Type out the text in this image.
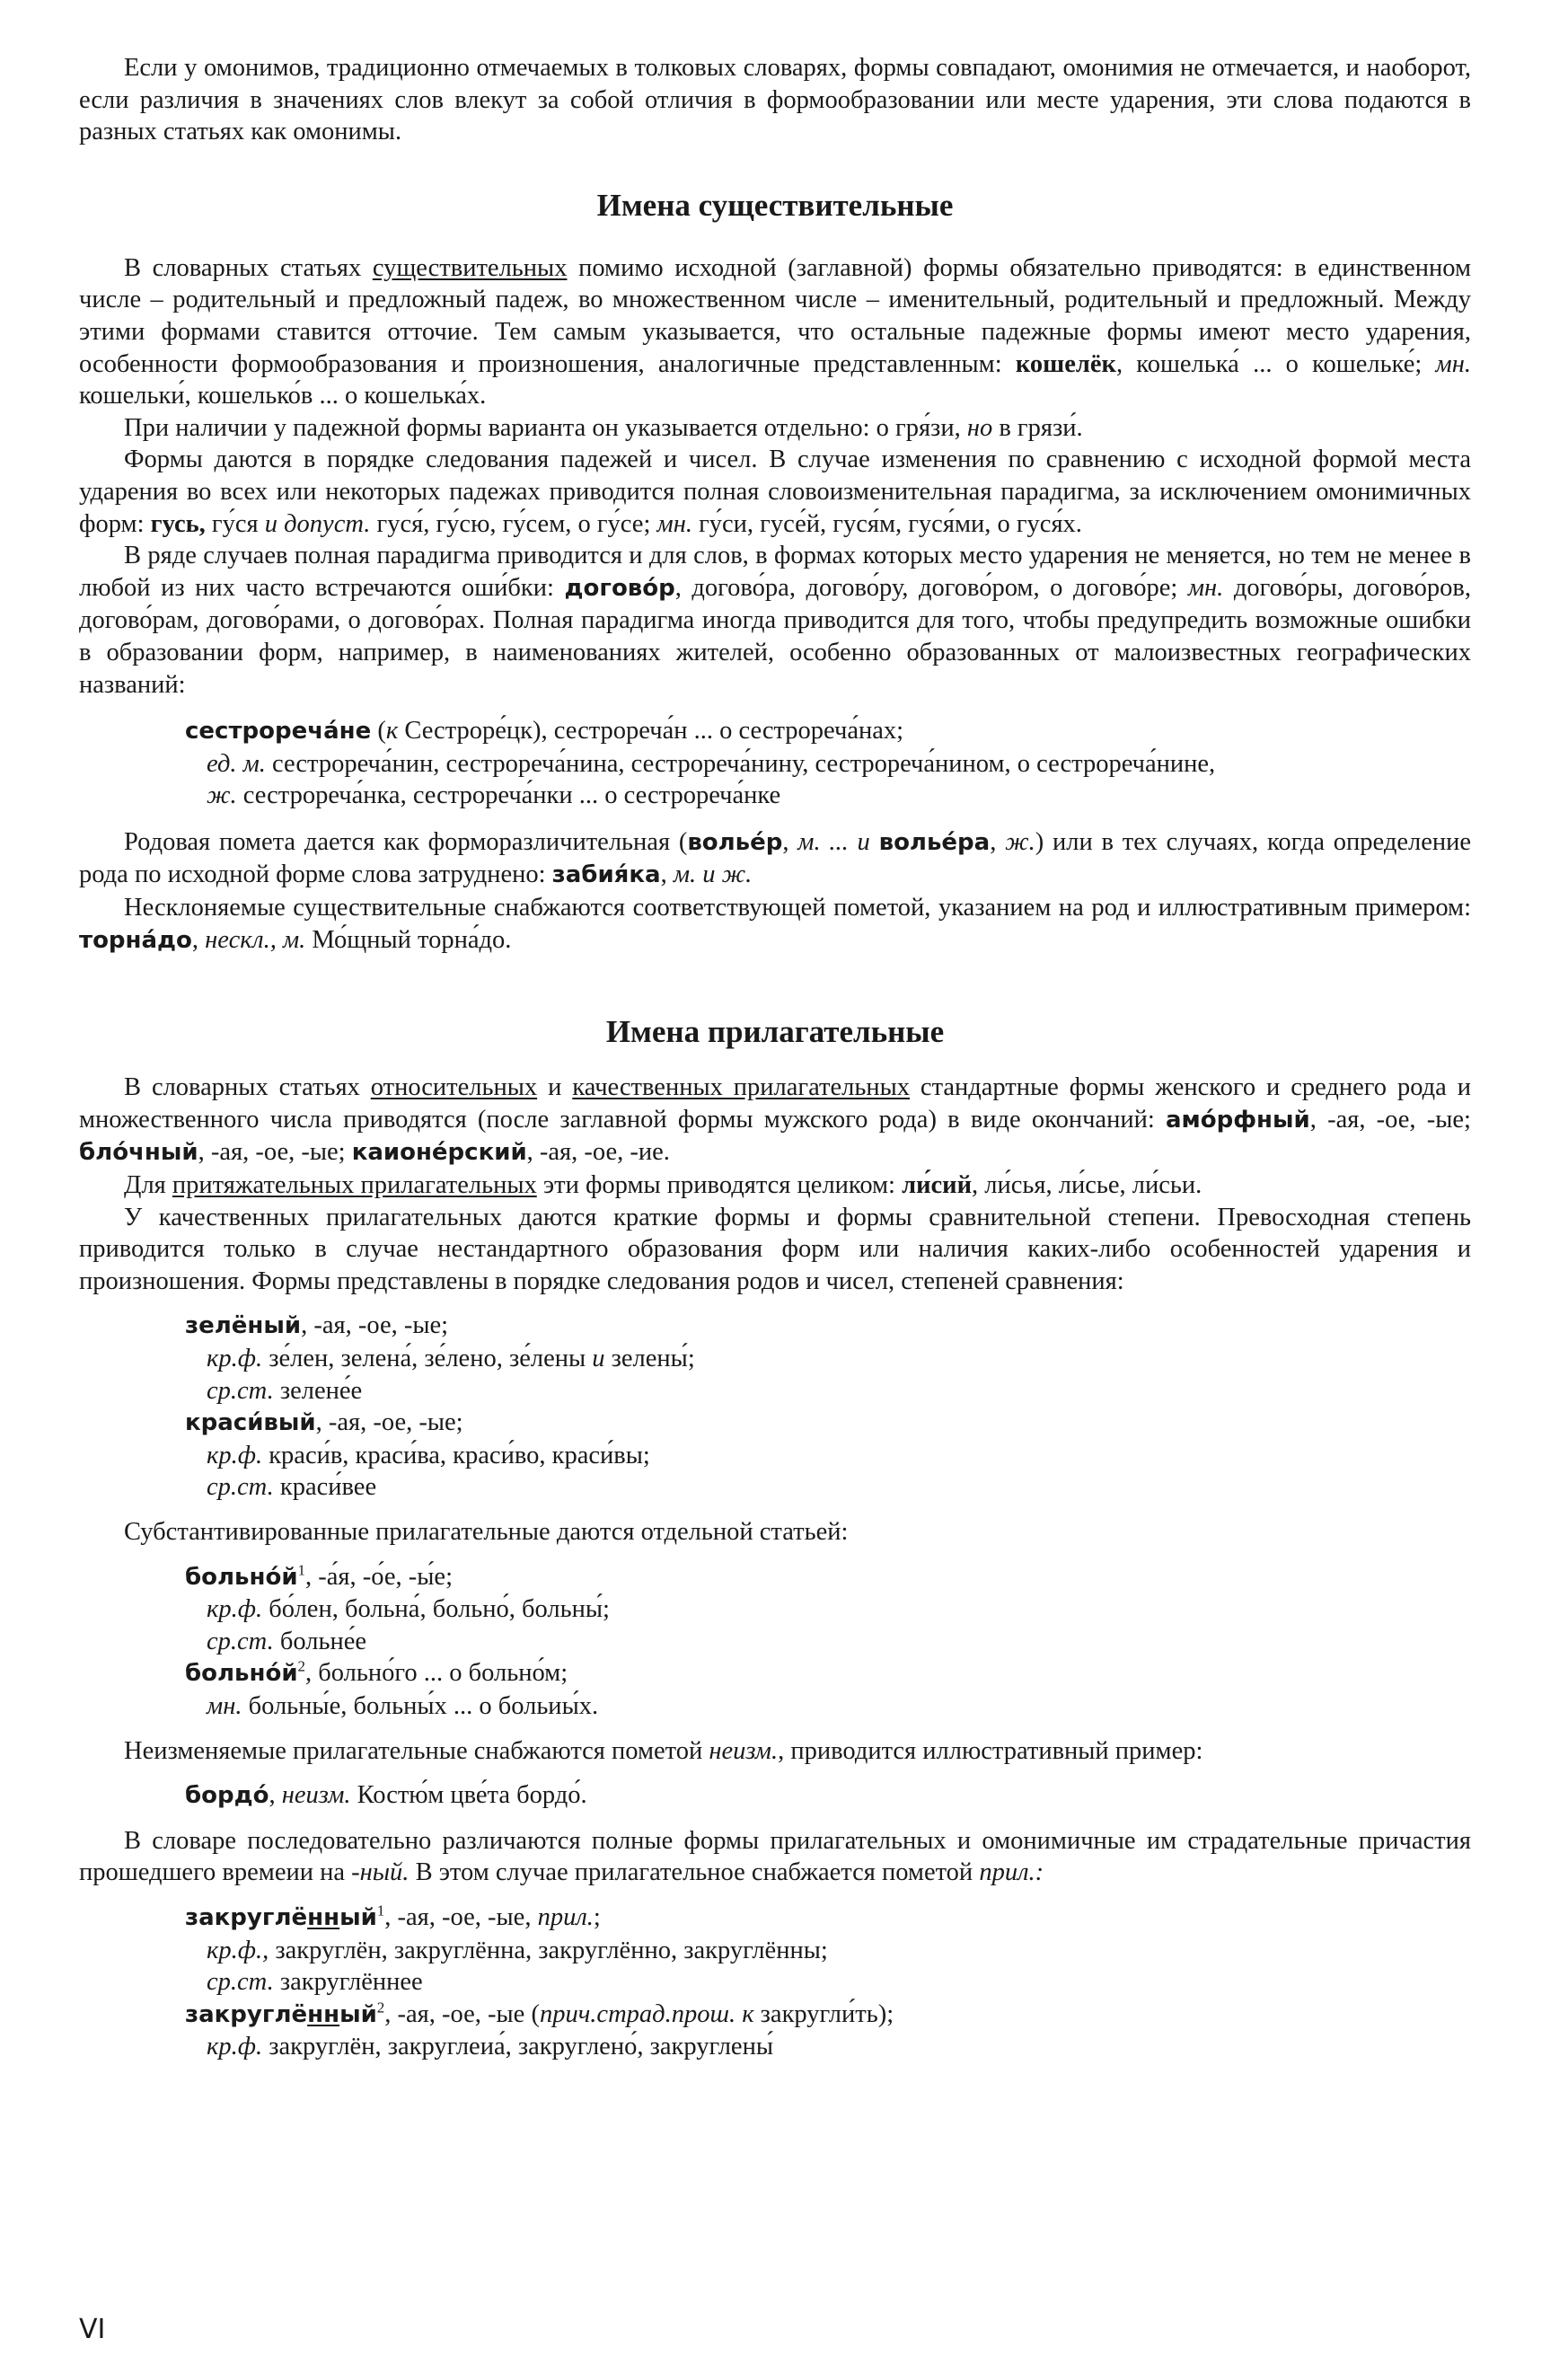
Если у омонимов, традиционно отмечаемых в толковых словарях, формы совпадают, омонимия не отмечается, и наоборот, если различия в значениях слов влекут за собой отличия в формообразовании или месте ударения, эти слова подаются в разных статьях как омонимы.

Имена существительные

В словарных статьях существительных помимо исходной (заглавной) формы обязательно приводятся: в единственном числе – родительный и предложный падеж, во множественном числе – именительный, родительный и предложный. Между этими формами ставится отточие. Тем самым указывается, что остальные падежные формы имеют место ударения, особенности формообразования и произношения, аналогичные представленным: кошелёк, кошелька́ ... о кошельке́; мн. кошельки́, кошелько́в ... о кошелька́х.

При наличии у падежной формы варианта он указывается отдельно: о гря́зи, но в грязи́.

Формы даются в порядке следования падежей и чисел. В случае изменения по сравнению с исходной формой места ударения во всех или некоторых падежах приводится полная словоизменительная парадигма, за исключением омонимичных форм: гусь, гу́ся и допуст. гуся́, гу́сю, гу́сем, о гу́се; мн. гу́си, гусе́й, гуся́м, гуся́ми, о гуся́х.

В ряде случаев полная парадигма приводится и для слов, в формах которых место ударения не меняется, но тем не менее в любой из них часто встречаются оши́бки: догово́р, догово́ра, догово́ру, догово́ром, о догово́ре; мн. догово́ры, догово́ров, догово́рам, догово́рами, о догово́рах. Полная парадигма иногда приводится для того, чтобы предупредить возможные ошибки в образовании форм, например, в наименованиях жителей, особенно образованных от малоизвестных географических названий:

сестрореча́не (к Сестроре́цк), сестрореча́н ... о сестрореча́нах;

ед. м. сестрореча́нин, сестрореча́нина, сестрореча́нину, сестрореча́нином, о сестрореча́нине,

ж. сестрореча́нка, сестрореча́нки ... о сестрореча́нке

Родовая помета дается как форморазличительная (волье́р, м. ... и волье́ра, ж.) или в тех случаях, когда определение рода по исходной форме слова затруднено: забия́ка, м. и ж.

Несклоняемые существительные снабжаются соответствующей пометой, указанием на род и иллюстративным примером: торна́до, нескл., м. Мо́щный торна́до.

Имена прилагательные

В словарных статьях относительных и качественных прилагательных стандартные формы женского и среднего рода и множественного числа приводятся (после заглавной формы мужского рода) в виде окончаний: амо́рфный, -ая, -ое, -ые; бло́чный, -ая, -ое, -ые; каионе́рский, -ая, -ое, -ие.

Для притяжательных прилагательных эти формы приводятся целиком: ли́сий, ли́сья, ли́сье, ли́сьи.

У качественных прилагательных даются краткие формы и формы сравнительной степени. Превосходная степень приводится только в случае нестандартного образования форм или наличия каких-либо особенностей ударения и произношения. Формы представлены в порядке следования родов и чисел, степеней сравнения:

зелёный, -ая, -ое, -ые;

кр.ф. зе́лен, зелена́, зе́лено, зе́лены и зелены́;

ср.ст. зелене́е

краси́вый, -ая, -ое, -ые;

кр.ф. краси́в, краси́ва, краси́во, краси́вы;

ср.ст. краси́вее

Субстантивированные прилагательные даются отдельной статьей:

$больно́й^1$, -а́я, -о́е, -ы́е;

кр.ф. бо́лен, больна́, больно́, больны́;

ср.ст. больне́е

$больно́й^2$, больно́го ... о больно́м;

мн. больны́е, больны́х ... о больиы́х.

Неизменяемые прилагательные снабжаются пометой неизм., приводится иллюстративный пример:

бордо́, неизм. Костю́м цве́та бордо́.

В словаре последовательно различаются полные формы прилагательных и омонимичные им страдательные причастия прошедшего времеии на -ный. В этом случае прилагательное снабжается пометой прил.:

закруглённый$^1$, -ая, -ое, -ые, прил.;

кр.ф., закруглён, закруглённа, закруглённо, закруглённы;

ср.ст. закруглённее

закруглённый$^2$, -ая, -ое, -ые (прич.страд.прош. к закругли́ть);

кр.ф. закруглён, закруглеиа́, закруглено́, закруглены́

VI
